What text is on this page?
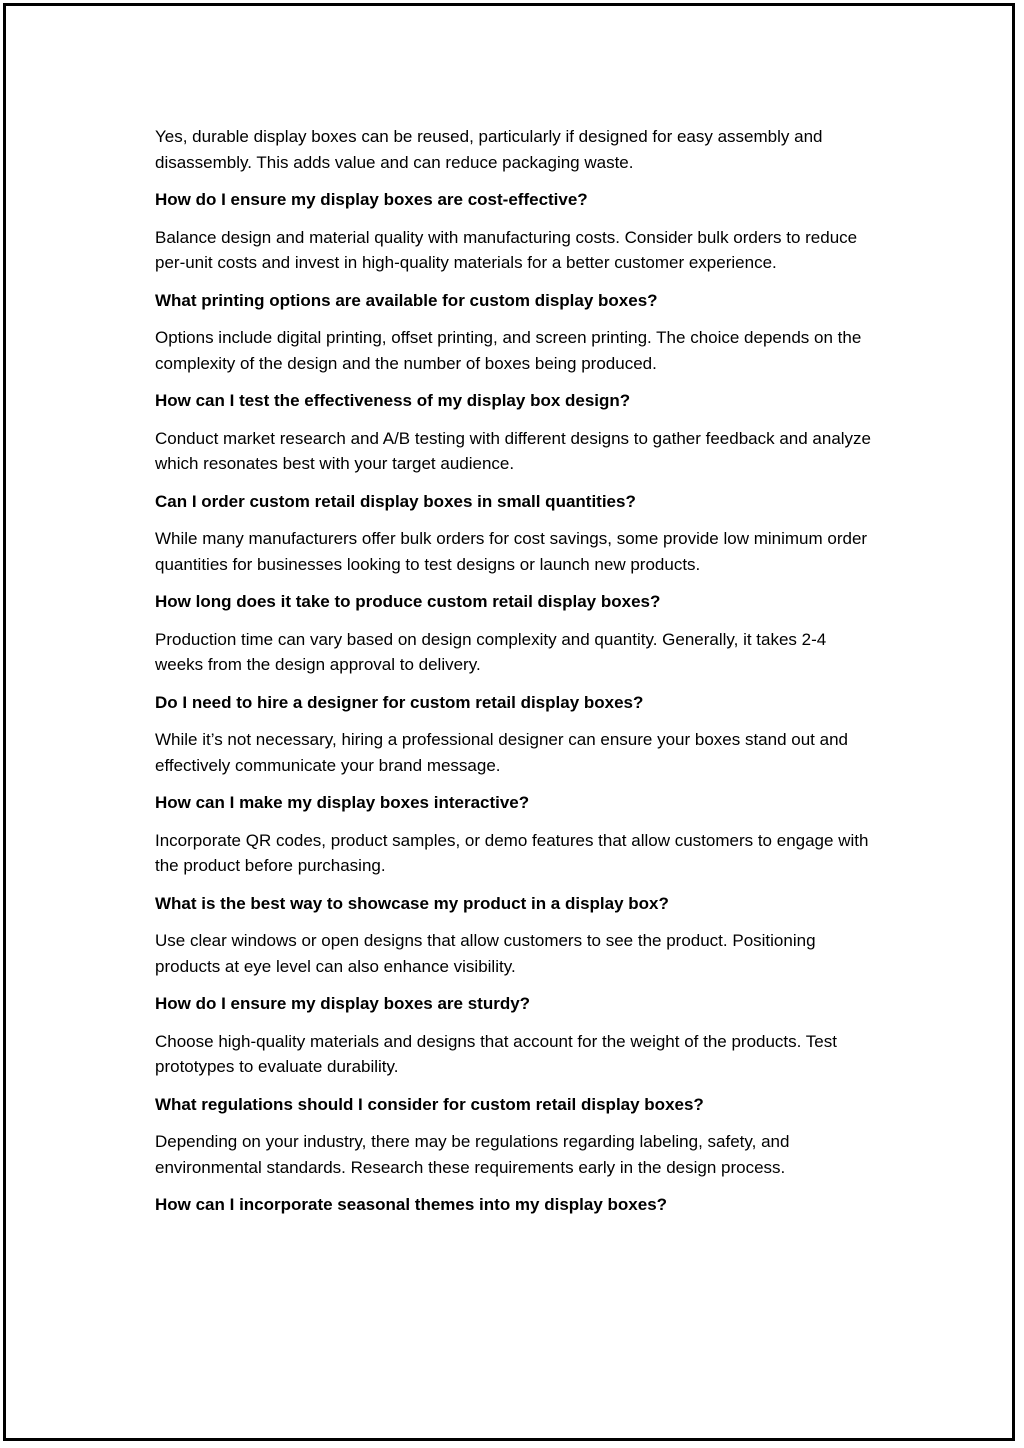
Yes, durable display boxes can be reused, particularly if designed for easy assembly and disassembly. This adds value and can reduce packaging waste.

How do I ensure my display boxes are cost-effective?

Balance design and material quality with manufacturing costs. Consider bulk orders to reduce per-unit costs and invest in high-quality materials for a better customer experience.

What printing options are available for custom display boxes?

Options include digital printing, offset printing, and screen printing. The choice depends on the complexity of the design and the number of boxes being produced.

How can I test the effectiveness of my display box design?

Conduct market research and A/B testing with different designs to gather feedback and analyze which resonates best with your target audience.

Can I order custom retail display boxes in small quantities?

While many manufacturers offer bulk orders for cost savings, some provide low minimum order quantities for businesses looking to test designs or launch new products.

How long does it take to produce custom retail display boxes?

Production time can vary based on design complexity and quantity. Generally, it takes 2-4 weeks from the design approval to delivery.

Do I need to hire a designer for custom retail display boxes?

While it’s not necessary, hiring a professional designer can ensure your boxes stand out and effectively communicate your brand message.

How can I make my display boxes interactive?

Incorporate QR codes, product samples, or demo features that allow customers to engage with the product before purchasing.

What is the best way to showcase my product in a display box?

Use clear windows or open designs that allow customers to see the product. Positioning products at eye level can also enhance visibility.

How do I ensure my display boxes are sturdy?

Choose high-quality materials and designs that account for the weight of the products. Test prototypes to evaluate durability.

What regulations should I consider for custom retail display boxes?

Depending on your industry, there may be regulations regarding labeling, safety, and environmental standards. Research these requirements early in the design process.

How can I incorporate seasonal themes into my display boxes?
